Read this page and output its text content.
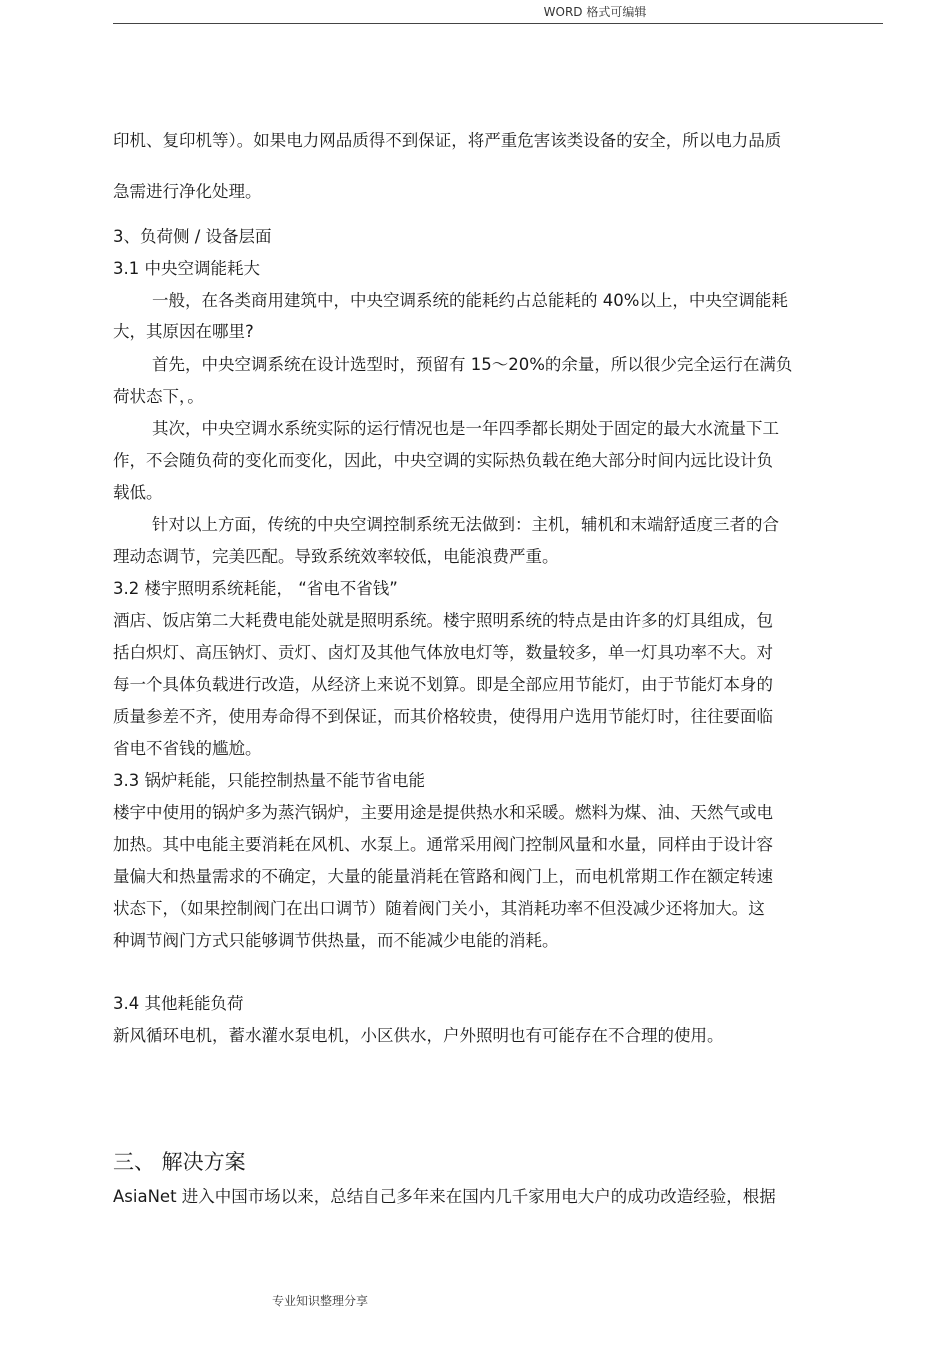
WORD 格式可编辑
印机、复印机等）。如果电力网品质得不到保证，将严重危害该类设备的安全，所以电力品质
急需进行净化处理。
3、负荷侧 / 设备层面
3.1 中央空调能耗大
一般，在各类商用建筑中，中央空调系统的能耗约占总能耗的 40%以上，中央空调能耗
大，其原因在哪里?
首先，中央空调系统在设计选型时，预留有 15～20%的余量，所以很少完全运行在满负
荷状态下，。
其次，中央空调水系统实际的运行情况也是一年四季都长期处于固定的最大水流量下工
作，不会随负荷的变化而变化，因此，中央空调的实际热负载在绝大部分时间内远比设计负
载低。
针对以上方面，传统的中央空调控制系统无法做到：主机，辅机和末端舒适度三者的合
理动态调节，完美匹配。导致系统效率较低，电能浪费严重。
3.2 楼宇照明系统耗能， “省电不省钱”
酒店、饭店第二大耗费电能处就是照明系统。楼宇照明系统的特点是由许多的灯具组成，包
括白炽灯、高压钠灯、贡灯、卤灯及其他气体放电灯等，数量较多，单一灯具功率不大。对
每一个具体负载进行改造，从经济上来说不划算。即是全部应用节能灯，由于节能灯本身的
质量参差不齐，使用寿命得不到保证，而其价格较贵，使得用户选用节能灯时，往往要面临
省电不省钱的尴尬。
3.3 锅炉耗能，只能控制热量不能节省电能
楼宇中使用的锅炉多为蒸汽锅炉，主要用途是提供热水和采暖。燃料为煤、油、天然气或电
加热。其中电能主要消耗在风机、水泵上。通常采用阀门控制风量和水量，同样由于设计容
量偏大和热量需求的不确定，大量的能量消耗在管路和阀门上，而电机常期工作在额定转速
状态下，（如果控制阀门在出口调节）随着阀门关小，其消耗功率不但没减少还将加大。这
种调节阀门方式只能够调节供热量，而不能减少电能的消耗。
3.4 其他耗能负荷
新风循环电机，蓄水灌水泵电机，小区供水，户外照明也有可能存在不合理的使用。
三、 解决方案
AsiaNet 进入中国市场以来，总结自己多年来在国内几千家用电大户的成功改造经验，根据
专业知识整理分享
